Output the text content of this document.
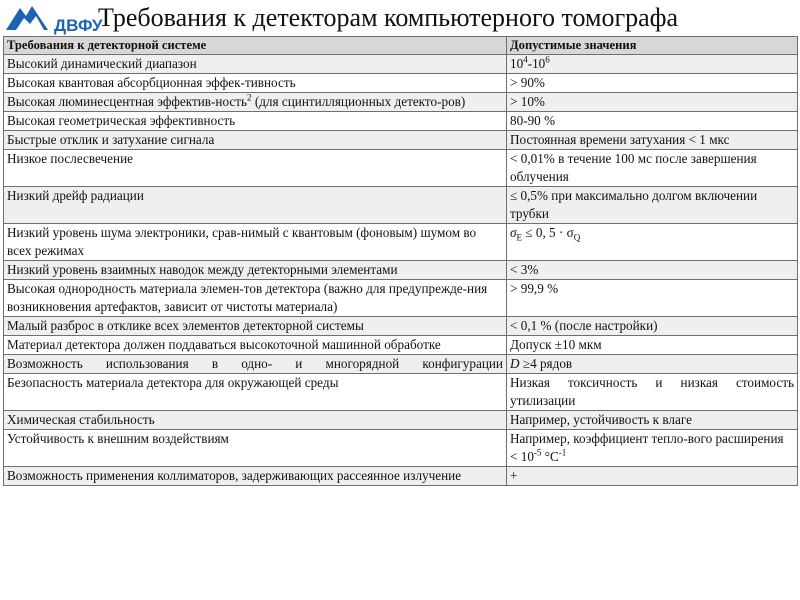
ДВФУ
Требования к детекторам компьютерного томографа
Требования к детекторной системе	Допустимые значения
Высокий динамический диапазон	$10^4-10^6$
Высокая квантовая абсорбционная эффек-тивность	> 90%
Высокая люминесцентная эффектив-ность$^2$ (для сцинтилляционных детекто-ров)	> 10%
Высокая геометрическая эффективность	80-90 %
Быстрые отклик и затухание сигнала	Постоянная времени затухания < 1 мкс
Низкое послесвечение	< 0,01% в течение 100 мс после завершения облучения
Низкий дрейф радиации	≤ 0,5% при максимально долгом включении трубки
Низкий уровень шума электроники, срав-нимый с квантовым (фоновым) шумом во всех режимах	$\sigma_E \le 0$, $5 \cdot \sigma_Q$
Низкий уровень взаимных наводок между детекторными элементами	< 3%
Высокая однородность материала элемен-тов детектора (важно для предупрежде-ния возникновения артефактов, зависит от чистоты материала)	> 99,9 %
Малый разброс в отклике всех элементов детекторной системы	< 0,1 % (после настройки)
Материал детектора должен поддаваться высокоточной машинной обработке	Допуск ±10 мкм
Возможность использования в одно- и многорядной конфигурации	D ≥4 рядов
Безопасность материала детектора для окружающей среды	Низкая токсичность и низкая стоимость утилизации
Химическая стабильность	Например, устойчивость к влаге
Устойчивость к внешним воздействиям	Например, коэффициент тепло-вого расширения < $10^{-5}$ $^\circ C^{-1}$
Возможность применения коллиматоров, задерживающих рассеянное излучение	+
